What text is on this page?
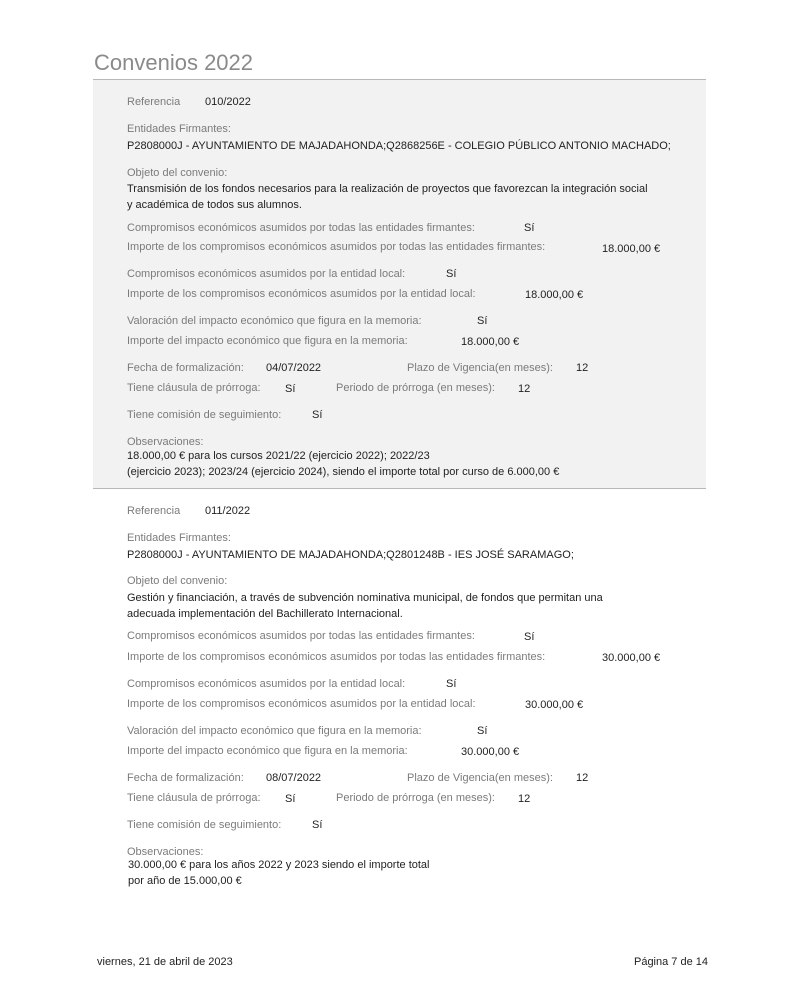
Convenios 2022
Referencia 010/2022
Entidades Firmantes:
P2808000J - AYUNTAMIENTO DE MAJADAHONDA;Q2868256E - COLEGIO PÚBLICO ANTONIO MACHADO;
Objeto del convenio:
Transmisión de los fondos necesarios para la realización de proyectos que favorezcan la integración social
y académica de todos sus alumnos.
Compromisos económicos asumidos por todas las entidades firmantes:	Sí
Importe de los compromisos económicos asumidos por todas las entidades firmantes:	18.000,00 €
Compromisos económicos asumidos por la entidad local:	Sí
Importe de los compromisos económicos asumidos por la entidad local:	18.000,00 €
Valoración del impacto económico que figura en la memoria:	Sí
Importe del impacto económico que figura en la memoria:	18.000,00 €
Fecha de formalización: 04/07/2022	Plazo de Vigencia(en meses): 12
Tiene cláusula de prórroga: Sí	Periodo de prórroga (en meses): 12
Tiene comisión de seguimiento:	Sí
Observaciones:
18.000,00 € para los cursos 2021/22 (ejercicio 2022); 2022/23
(ejercicio 2023); 2023/24 (ejercicio 2024), siendo el importe total por curso de 6.000,00 €
Referencia 011/2022
Entidades Firmantes:
P2808000J - AYUNTAMIENTO DE MAJADAHONDA;Q2801248B - IES JOSÉ SARAMAGO;
Objeto del convenio:
Gestión y financiación, a través de subvención nominativa municipal, de fondos que permitan una
adecuada implementación del Bachillerato Internacional.
Compromisos económicos asumidos por todas las entidades firmantes:	Sí
Importe de los compromisos económicos asumidos por todas las entidades firmantes:	30.000,00 €
Compromisos económicos asumidos por la entidad local:	Sí
Importe de los compromisos económicos asumidos por la entidad local:	30.000,00 €
Valoración del impacto económico que figura en la memoria:	Sí
Importe del impacto económico que figura en la memoria:	30.000,00 €
Fecha de formalización: 08/07/2022	Plazo de Vigencia(en meses): 12
Tiene cláusula de prórroga: Sí	Periodo de prórroga (en meses): 12
Tiene comisión de seguimiento:	Sí
Observaciones:
30.000,00 € para los años 2022 y 2023 siendo el importe total
por año de 15.000,00 €
viernes, 21 de abril de 2023	Página 7 de 14
